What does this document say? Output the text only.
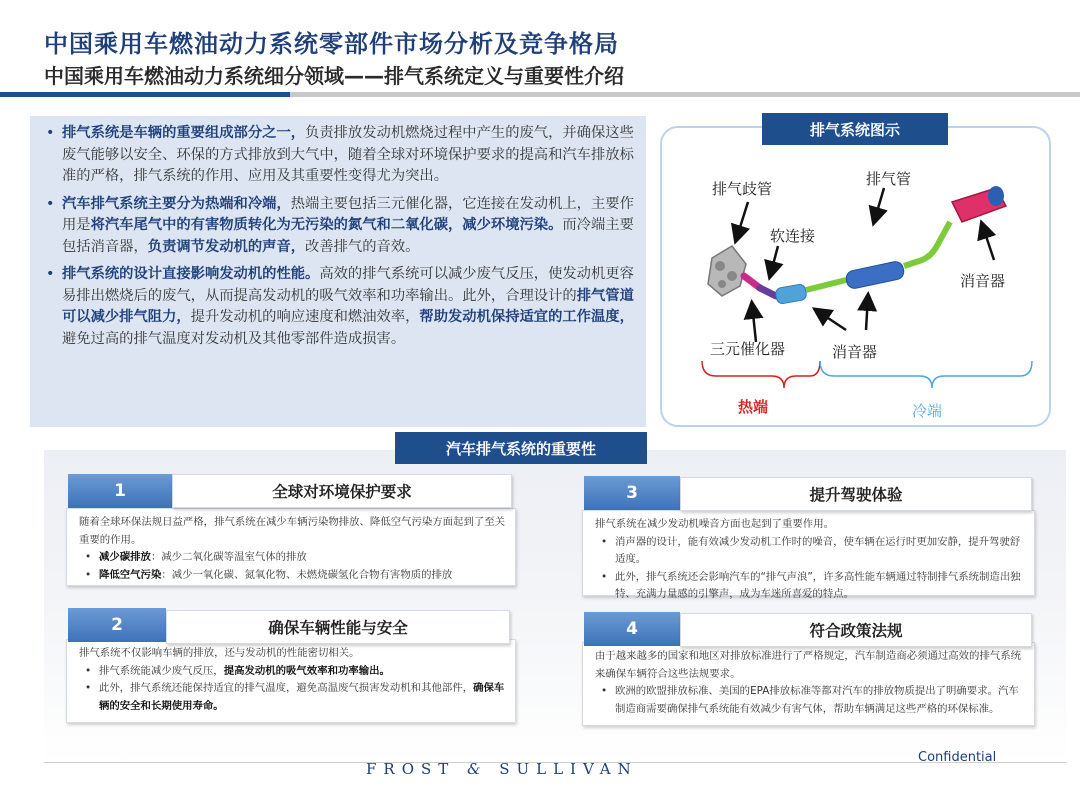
中国乘用车燃油动力系统零部件市场分析及竞争格局
中国乘用车燃油动力系统细分领域——排气系统定义与重要性介绍
• 排气系统是车辆的重要组成部分之一，负责排放发动机燃烧过程中产生的废气，并确保这些废气能够以安全、环保的方式排放到大气中，随着全球对环境保护要求的提高和汽车排放标准的严格，排气系统的作用、应用及其重要性变得尤为突出。
• 汽车排气系统主要分为热端和冷端，热端主要包括三元催化器，它连接在发动机上，主要作用是将汽车尾气中的有害物质转化为无污染的氮气和二氧化碳，减少环境污染。而冷端主要包括消音器，负责调节发动机的声音，改善排气的音效。
• 排气系统的设计直接影响发动机的性能。高效的排气系统可以减少废气反压，使发动机更容易排出燃烧后的废气，从而提高发动机的吸气效率和功率输出。此外，合理设计的排气管道可以减少排气阻力，提升发动机的响应速度和燃油效率，帮助发动机保持适宜的工作温度，避免过高的排气温度对发动机及其他零部件造成损害。
排气系统图示
排气歧管
排气管
软连接
消音器
三元催化器	消音器
热端	冷端
汽车排气系统的重要性

随着全球环保法规日益严格，排气系统在减少车辆污染物排放、降低空气污染方面起到了至关重要的作用。

• 减少碳排放：减少二氧化碳等温室气体的排放
• 降低空气污染：减少一氧化碳、氮氧化物、未燃烧碳氢化合物有害物质的排放
1	全球对环境保护要求

排气系统不仅影响车辆的排放，还与发动机的性能密切相关。

• 排气系统能减少废气反压，提高发动机的吸气效率和功率输出。
• 此外，排气系统还能保持适宜的排气温度，避免高温废气损害发动机和其他部件，确保车辆的安全和长期使用寿命。
2	确保车辆性能与安全

排气系统在减少发动机噪音方面也起到了重要作用。

• 消声器的设计，能有效减少发动机工作时的噪音，使车辆在运行时更加安静，提升驾驶舒适度。
• 此外，排气系统还会影响汽车的“排气声浪”，许多高性能车辆通过特制排气系统制造出独特、充满力量感的引擎声，成为车迷所喜爱的特点。
3	提升驾驶体验

由于越来越多的国家和地区对排放标准进行了严格规定，汽车制造商必须通过高效的排气系统来确保车辆符合这些法规要求。

• 欧洲的欧盟排放标准、美国的EPA排放标准等都对汽车的排放物质提出了明确要求。汽车制造商需要确保排气系统能有效减少有害气体，帮助车辆满足这些严格的环保标准。
4	符合政策法规
FROST & SULLIVAN
Confidential
